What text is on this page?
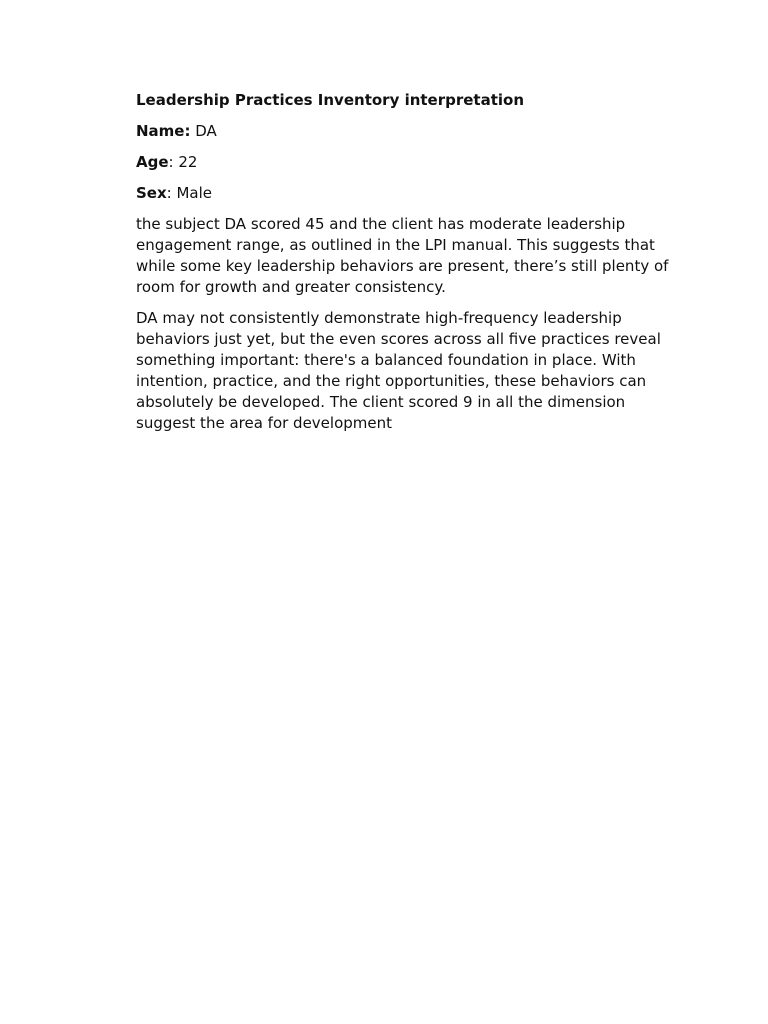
Leadership Practices Inventory interpretation
Name: DA
Age: 22
Sex: Male

the subject DA scored 45 and the client has moderate leadership engagement range, as outlined in the LPI manual. This suggests that while some key leadership behaviors are present, there’s still plenty of room for growth and greater consistency.

DA may not consistently demonstrate high-frequency leadership behaviors just yet, but the even scores across all five practices reveal something important: there's a balanced foundation in place. With intention, practice, and the right opportunities, these behaviors can absolutely be developed. The client scored 9 in all the dimension suggest the area for development
